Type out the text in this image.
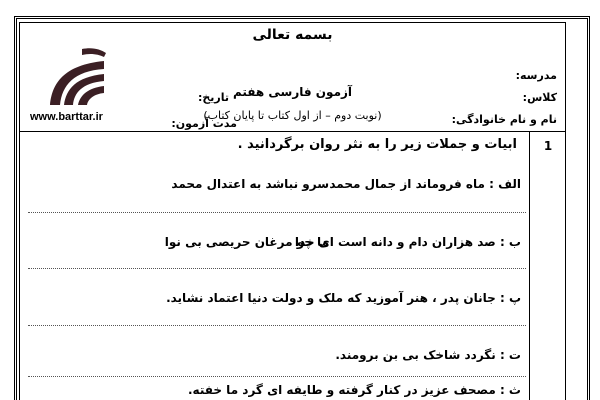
بسمه تعالی
مدرسه:
کلاس:
نام و نام خانوادگی:
آزمون فارسی هفتم
(نوبت دوم – از اول کتاب تا پایان کتاب)
تاریخ:
مدت آزمون:
www.barttar.ir
1
ابیات و جملات زیر را به نثر روان برگردانید .
الف : ماه فروماند از جمال محمد
سرو نباشد به اعتدال محمد
ب : صد هزاران دام و دانه است ای خدا
ما چو مرغان حریصی بی نوا
پ : جانان پدر ، هنر آموزید که ملک و دولت دنیا اعتماد نشاید.
ت : نگردد شاخک بی بن برومند.
ث : مصحف عزیز در کنار گرفته و طایفه ای گرد ما خفته.
